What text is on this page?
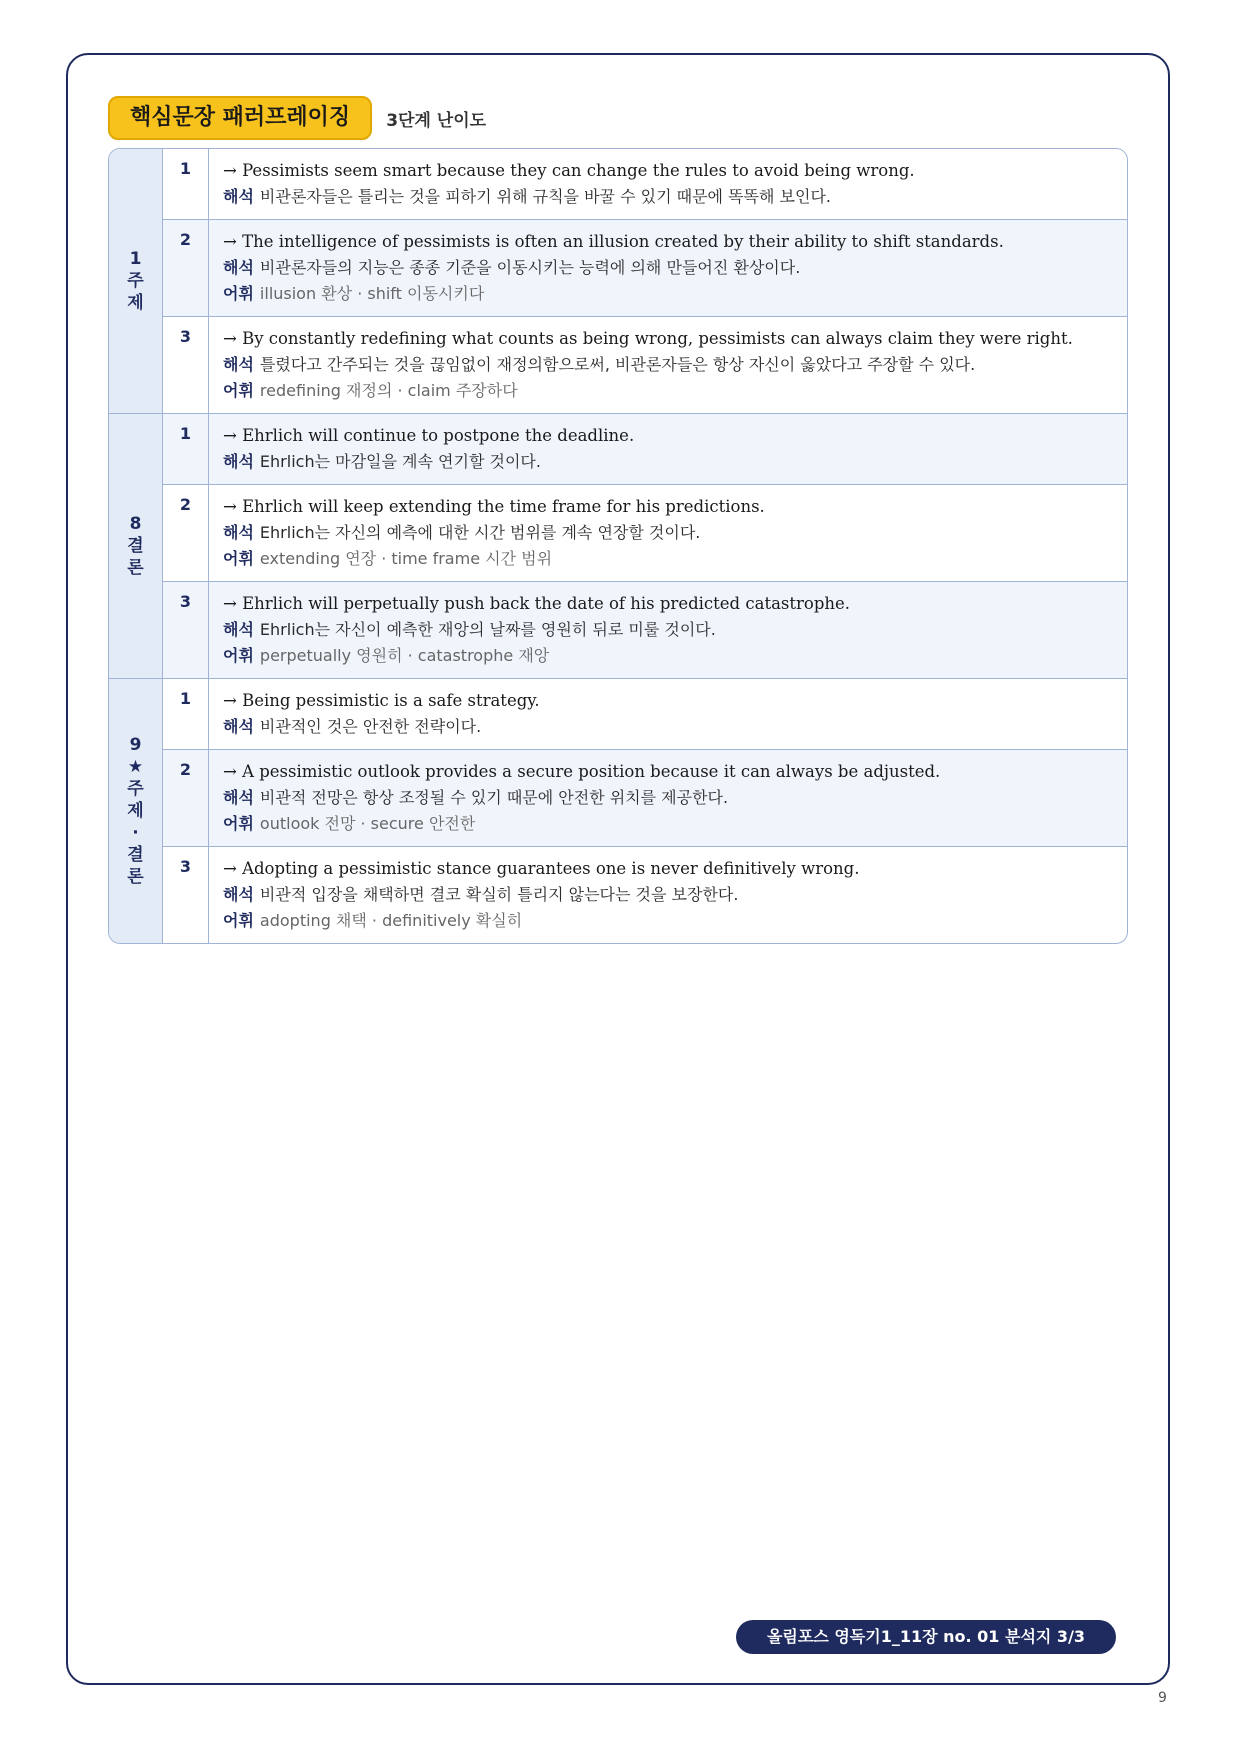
핵심문장 패러프레이징	3단계 난이도
1주제
1	→ Pessimists seem smart because they can change the rules to avoid being wrong.
해석 비관론자들은 틀리는 것을 피하기 위해 규칙을 바꿀 수 있기 때문에 똑똑해 보인다.
2	→ The intelligence of pessimists is often an illusion created by their ability to shift standards.
해석 비관론자들의 지능은 종종 기준을 이동시키는 능력에 의해 만들어진 환상이다.
어휘 illusion 환상 · shift 이동시키다
3	→ By constantly redefining what counts as being wrong, pessimists can always claim they were right.
해석 틀렸다고 간주되는 것을 끊임없이 재정의함으로써, 비관론자들은 항상 자신이 옳았다고 주장할 수 있다.
어휘 redefining 재정의 · claim 주장하다
8결론
1	→ Ehrlich will continue to postpone the deadline.
해석 Ehrlich는 마감일을 계속 연기할 것이다.
2	→ Ehrlich will keep extending the time frame for his predictions.
해석 Ehrlich는 자신의 예측에 대한 시간 범위를 계속 연장할 것이다.
어휘 extending 연장 · time frame 시간 범위
3	→ Ehrlich will perpetually push back the date of his predicted catastrophe.
해석 Ehrlich는 자신이 예측한 재앙의 날짜를 영원히 뒤로 미룰 것이다.
어휘 perpetually 영원히 · catastrophe 재앙
9★주제·결론
1	→ Being pessimistic is a safe strategy.
해석 비관적인 것은 안전한 전략이다.
2	→ A pessimistic outlook provides a secure position because it can always be adjusted.
해석 비관적 전망은 항상 조정될 수 있기 때문에 안전한 위치를 제공한다.
어휘 outlook 전망 · secure 안전한
3	→ Adopting a pessimistic stance guarantees one is never definitively wrong.
해석 비관적 입장을 채택하면 결코 확실히 틀리지 않는다는 것을 보장한다.
어휘 adopting 채택 · definitively 확실히
올림포스 영독기1_11장 no. 01 분석지 3/3
9
